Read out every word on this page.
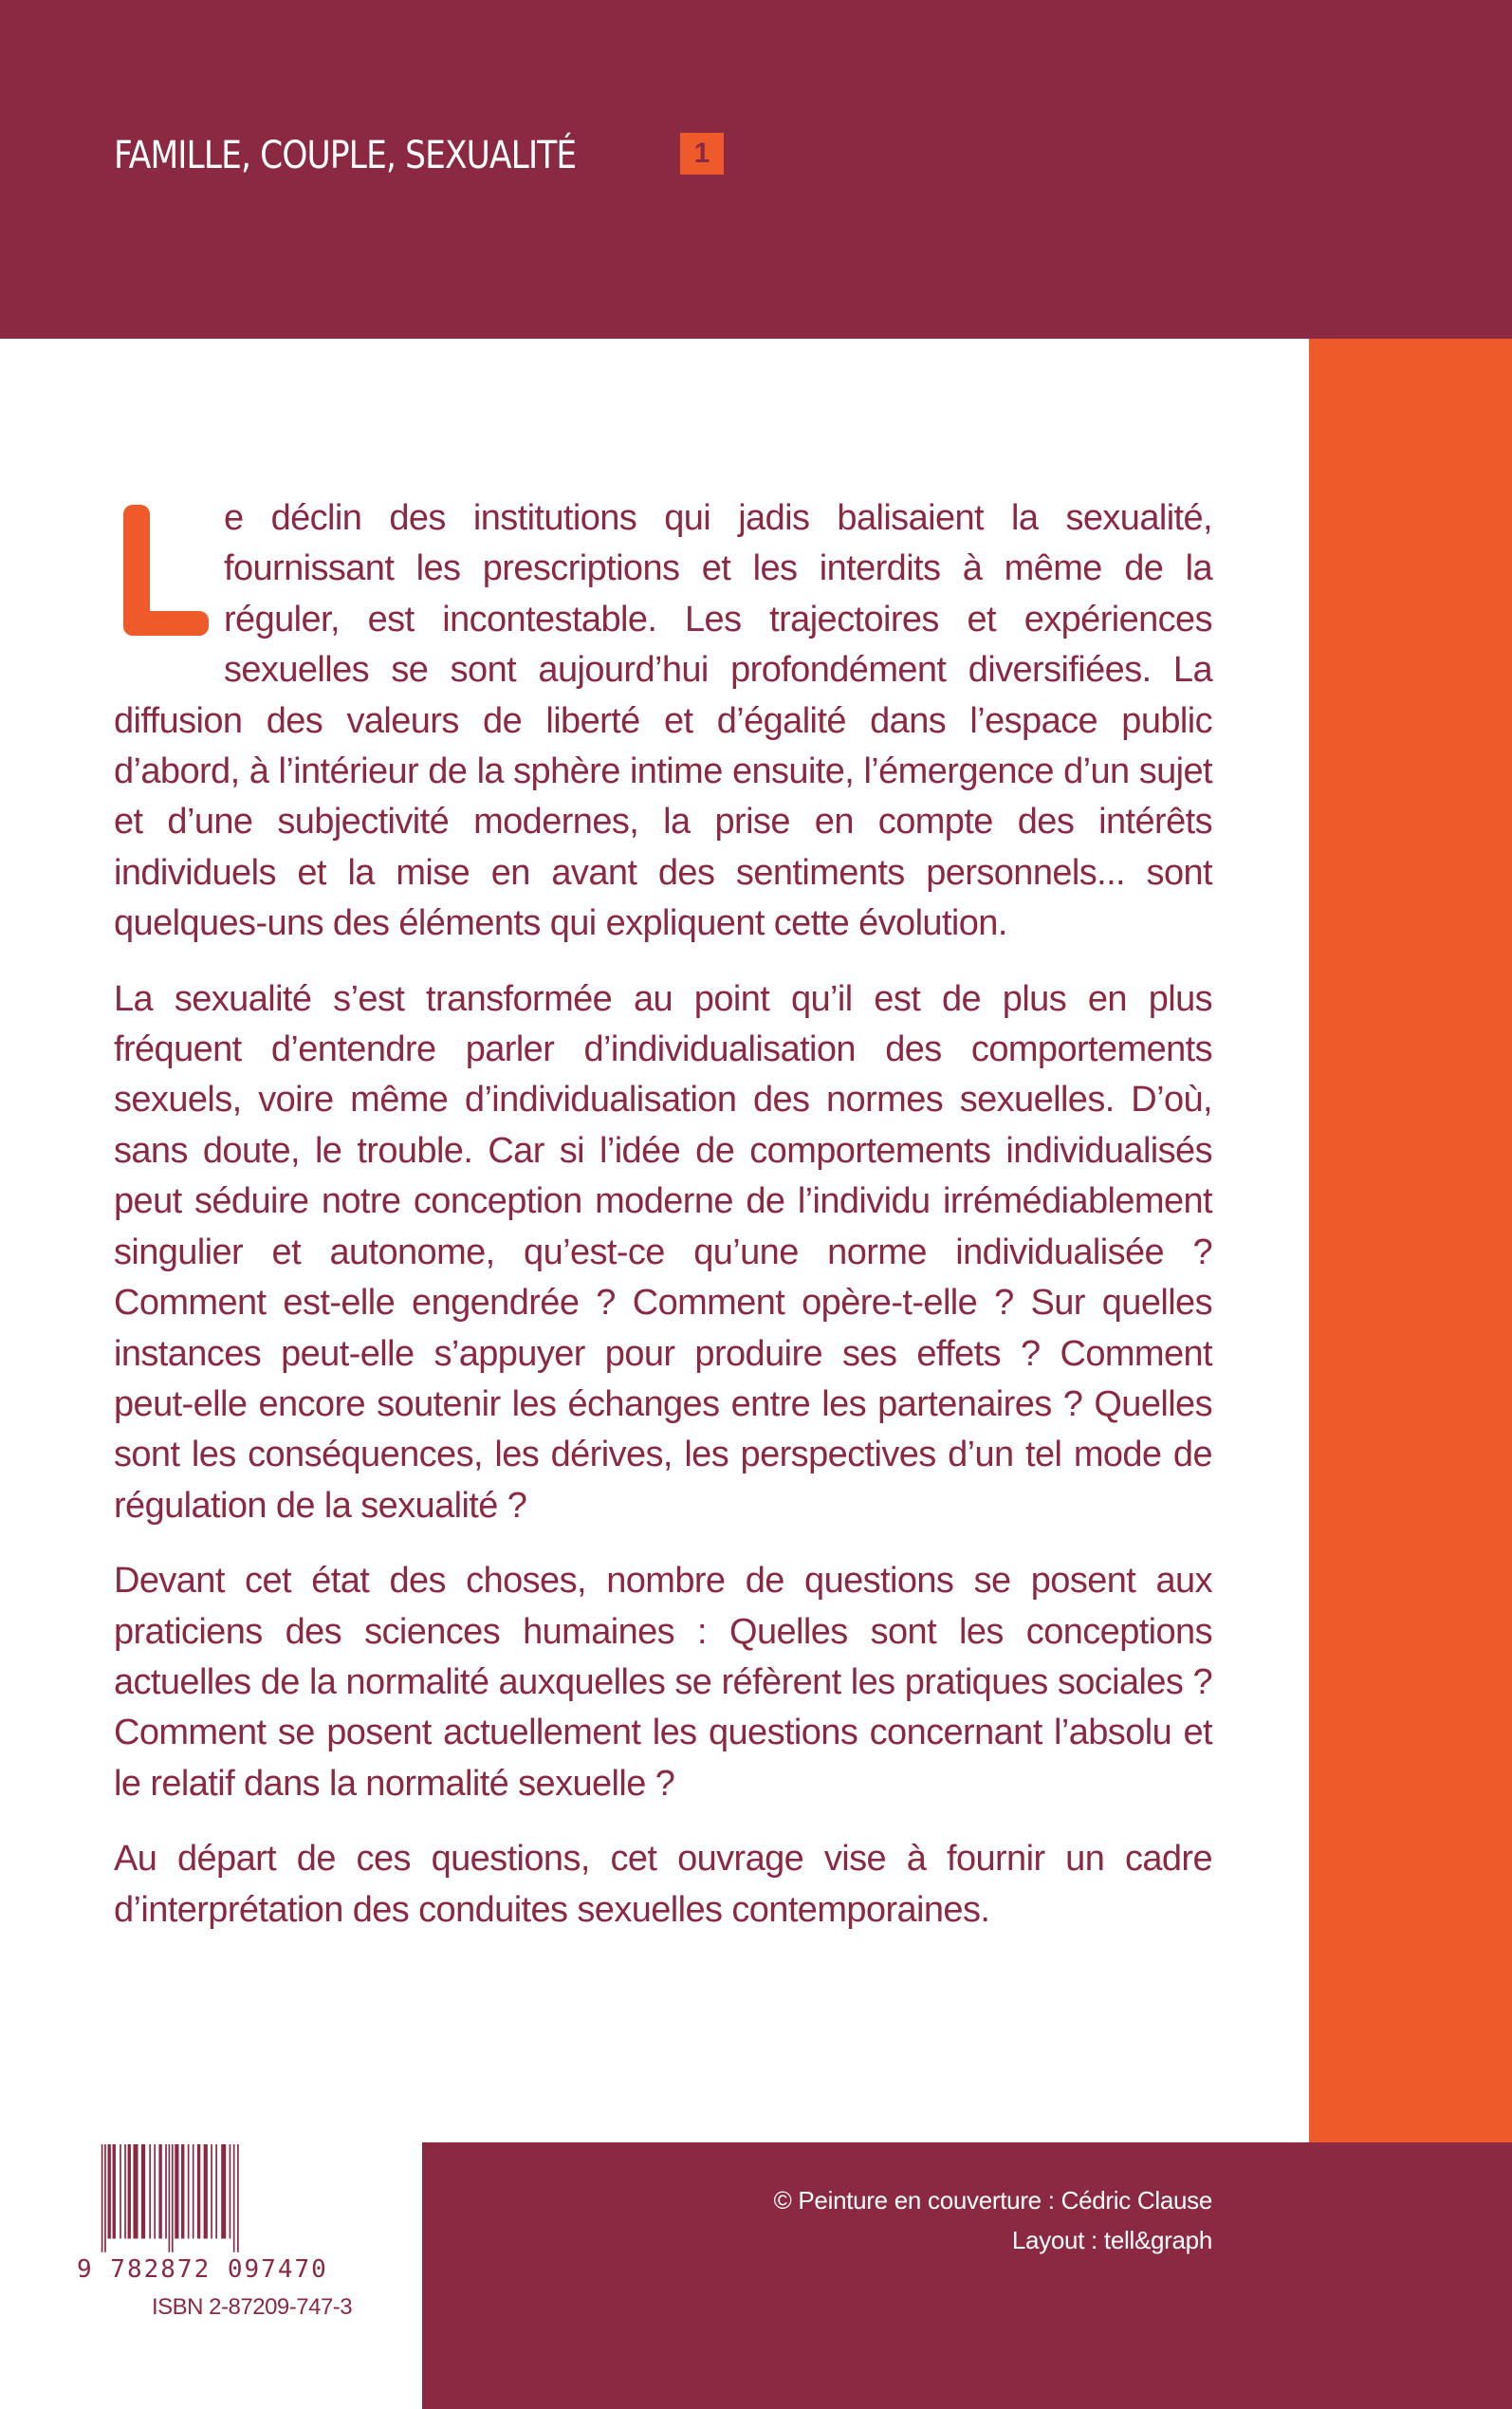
FAMILLE, COUPLE, SEXUALITÉ	1

e déclin des institutions qui jadis balisaient la sexualité, fournissant les prescriptions et les interdits à même de la réguler, est incontestable. Les trajectoires et expériences sexuelles se sont aujourd’hui profondément diversifiées. La diffusion des valeurs de liberté et d’égalité dans l’espace public d’abord, à l’intérieur de la sphère intime ensuite, l’émergence d’un sujet et d’une subjectivité modernes, la prise en compte des intérêts individuels et la mise en avant des sentiments personnels... sont quelques-uns des éléments qui expliquent cette évolution.

La sexualité s’est transformée au point qu’il est de plus en plus fréquent d’entendre parler d’individualisation des comportements sexuels, voire même d’individualisation des normes sexuelles. D’où, sans doute, le trouble. Car si l’idée de comportements individualisés peut séduire notre conception moderne de l’individu irrémédiablement singulier et autonome, qu’est-ce qu’une norme individualisée ? Comment est-elle engendrée ? Comment opère-t-elle ? Sur quelles instances peut-elle s’appuyer pour produire ses effets ? Comment peut-elle encore soutenir les échanges entre les partenaires ? Quelles sont les conséquences, les dérives, les perspectives d’un tel mode de régulation de la sexualité ?

Devant cet état des choses, nombre de questions se posent aux praticiens des sciences humaines : Quelles sont les conceptions actuelles de la normalité auxquelles se réfèrent les pratiques sociales ? Comment se posent actuellement les questions concernant l’absolu et le relatif dans la normalité sexuelle ?

Au départ de ces questions, cet ouvrage vise à fournir un cadre d’interprétation des conduites sexuelles contemporaines.

9 782872 097470
ISBN 2-87209-747-3
© Peinture en couverture : Cédric Clause
Layout : tell&graph
